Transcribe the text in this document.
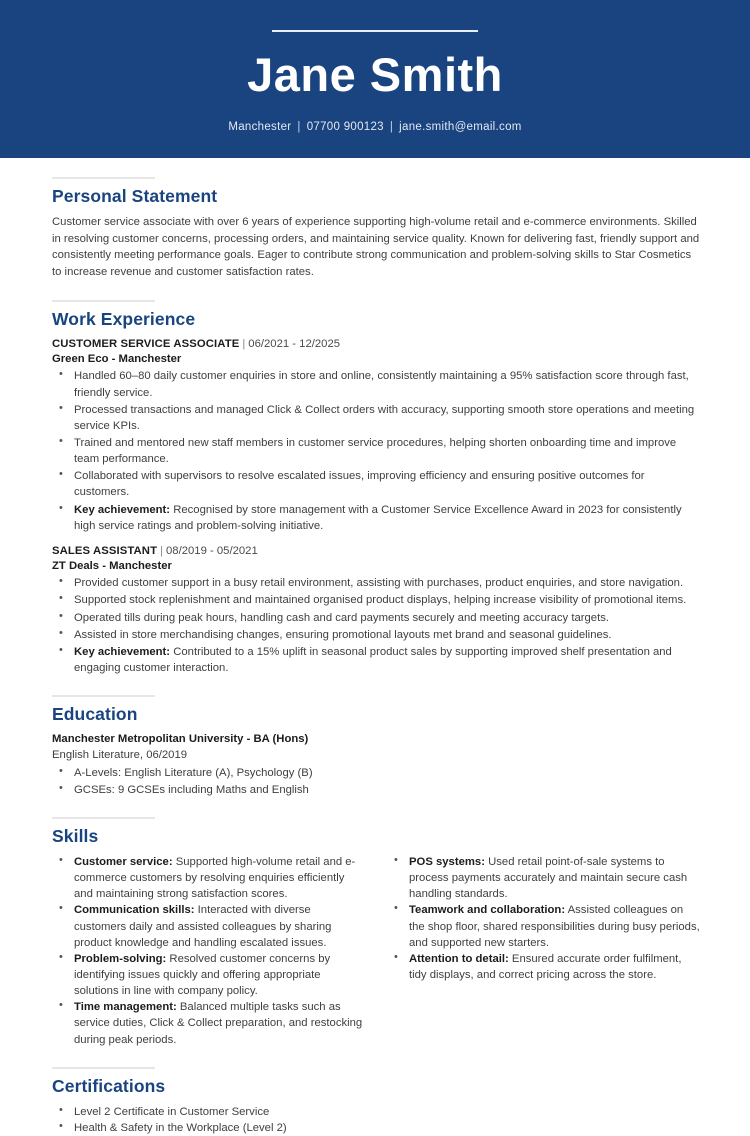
Jane Smith
Manchester | 07700 900123 | jane.smith@email.com
Personal Statement

Customer service associate with over 6 years of experience supporting high-volume retail and e-commerce environments. Skilled in resolving customer concerns, processing orders, and maintaining service quality. Known for delivering fast, friendly support and consistently meeting performance goals. Eager to contribute strong communication and problem-solving skills to Star Cosmetics to increase revenue and customer satisfaction rates.

Work Experience
CUSTOMER SERVICE ASSOCIATE | 06/2021 - 12/2025
Green Eco - Manchester
• Handled 60–80 daily customer enquiries in store and online, consistently maintaining a 95% satisfaction score through fast, friendly service.
• Processed transactions and managed Click & Collect orders with accuracy, supporting smooth store operations and meeting service KPIs.
• Trained and mentored new staff members in customer service procedures, helping shorten onboarding time and improve team performance.
• Collaborated with supervisors to resolve escalated issues, improving efficiency and ensuring positive outcomes for customers.
• Key achievement: Recognised by store management with a Customer Service Excellence Award in 2023 for consistently high service ratings and problem-solving initiative.
SALES ASSISTANT | 08/2019 - 05/2021
ZT Deals - Manchester
• Provided customer support in a busy retail environment, assisting with purchases, product enquiries, and store navigation.
• Supported stock replenishment and maintained organised product displays, helping increase visibility of promotional items.
• Operated tills during peak hours, handling cash and card payments securely and meeting accuracy targets.
• Assisted in store merchandising changes, ensuring promotional layouts met brand and seasonal guidelines.
• Key achievement: Contributed to a 15% uplift in seasonal product sales by supporting improved shelf presentation and engaging customer interaction.
Education
Manchester Metropolitan University - BA (Hons)
English Literature, 06/2019
• A-Levels: English Literature (A), Psychology (B)
• GCSEs: 9 GCSEs including Maths and English
Skills
• Customer service: Supported high-volume retail and e-commerce customers by resolving enquiries efficiently and maintaining strong satisfaction scores.
• Communication skills: Interacted with diverse customers daily and assisted colleagues by sharing product knowledge and handling escalated issues.
• Problem-solving: Resolved customer concerns by identifying issues quickly and offering appropriate solutions in line with company policy.
• Time management: Balanced multiple tasks such as service duties, Click & Collect preparation, and restocking during peak periods.
• POS systems: Used retail point-of-sale systems to process payments accurately and maintain secure cash handling standards.
• Teamwork and collaboration: Assisted colleagues on the shop floor, shared responsibilities during busy periods, and supported new starters.
• Attention to detail: Ensured accurate order fulfilment, tidy displays, and correct pricing across the store.
Certifications
• Level 2 Certificate in Customer Service
• Health & Safety in the Workplace (Level 2)
